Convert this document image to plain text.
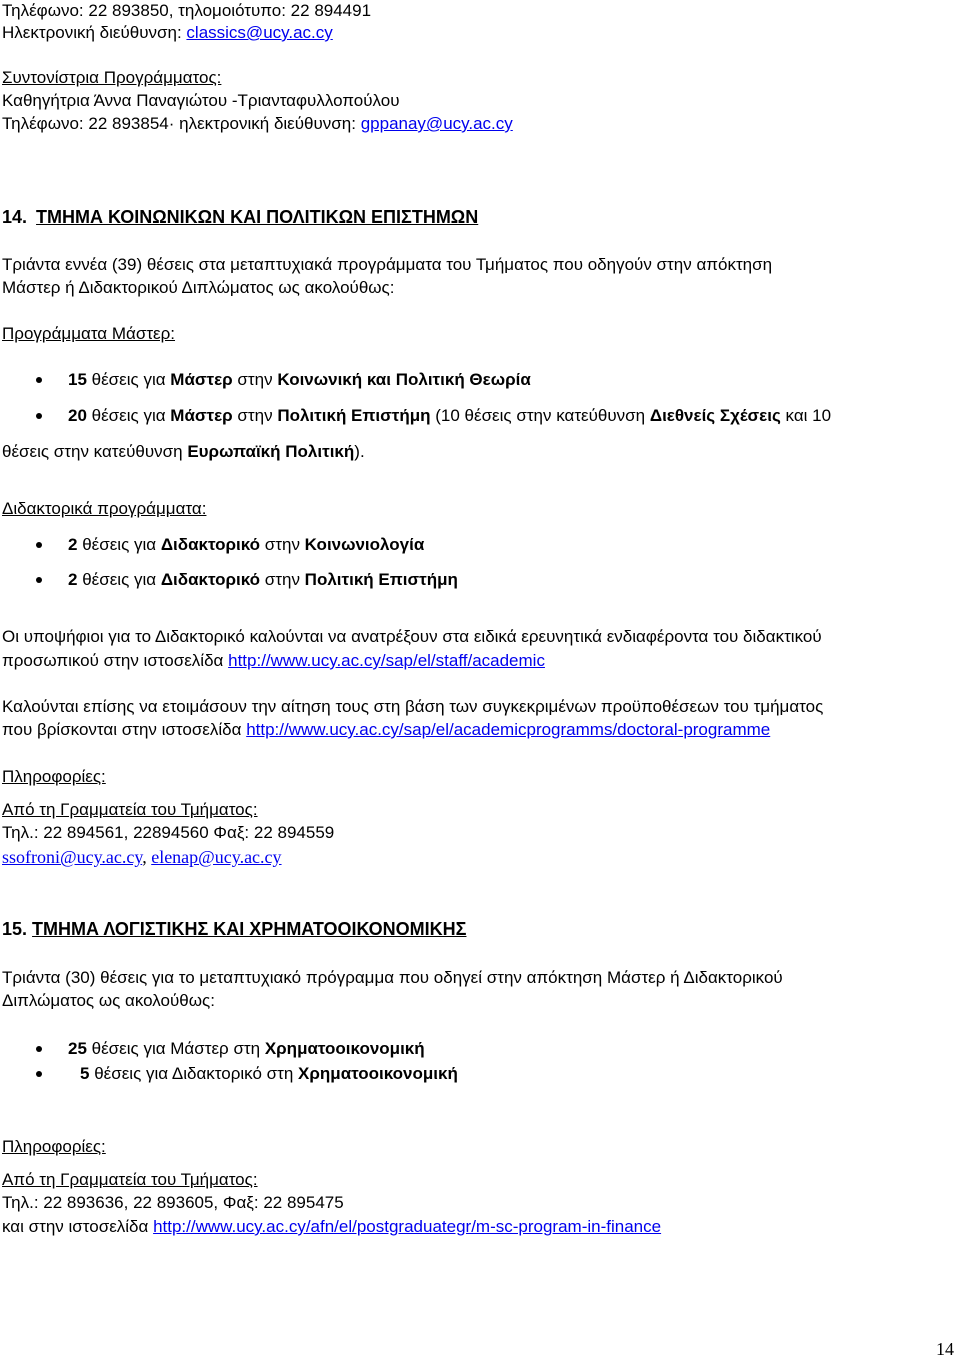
Τηλέφωνο: 22 893850, τηλομοιότυπο: 22 894491
Ηλεκτρονική διεύθυνση: classics@ucy.ac.cy
Συντονίστρια Προγράμματος:
Καθηγήτρια Άννα Παναγιώτου -Τριανταφυλλοπούλου
Τηλέφωνο: 22 893854· ηλεκτρονική διεύθυνση: gppanay@ucy.ac.cy
14. ΤΜΗΜΑ ΚΟΙΝΩΝΙΚΩΝ ΚΑΙ ΠΟΛΙΤΙΚΩΝ ΕΠΙΣΤΗΜΩΝ
Τριάντα εννέα (39) θέσεις στα μεταπτυχιακά προγράμματα του Τμήματος που οδηγούν στην απόκτηση
Μάστερ ή Διδακτορικού Διπλώματος ως ακολούθως:
Προγράμματα Μάστερ:
15 θέσεις για Μάστερ στην Κοινωνική και Πολιτική Θεωρία
20 θέσεις για Μάστερ στην Πολιτική Επιστήμη (10 θέσεις στην κατεύθυνση Διεθνείς Σχέσεις και 10
θέσεις στην κατεύθυνση Ευρωπαϊκή Πολιτική).
Διδακτορικά προγράμματα:
2 θέσεις για Διδακτορικό στην Κοινωνιολογία
2 θέσεις για Διδακτορικό στην Πολιτική Επιστήμη
Οι υποψήφιοι για το Διδακτορικό καλούνται να ανατρέξουν στα ειδικά ερευνητικά ενδιαφέροντα του διδακτικού
προσωπικού στην ιστοσελίδα http://www.ucy.ac.cy/sap/el/staff/academic
Καλούνται επίσης να ετοιμάσουν την αίτηση τους στη βάση των συγκεκριμένων προϋποθέσεων του τμήματος
που βρίσκονται στην ιστοσελίδα http://www.ucy.ac.cy/sap/el/academicprogramms/doctoral-programme
Πληροφορίες:
Από τη Γραμματεία του Τμήματος:
Τηλ.: 22 894561, 22894560 Φαξ: 22 894559
ssofroni@ucy.ac.cy, elenap@ucy.ac.cy
15. ΤΜΗΜΑ ΛΟΓΙΣΤΙΚΗΣ ΚΑΙ ΧΡΗΜΑΤΟΟΙΚΟΝΟΜΙΚΗΣ
Τριάντα (30) θέσεις για το μεταπτυχιακό πρόγραμμα που οδηγεί στην απόκτηση Μάστερ ή Διδακτορικού
Διπλώματος ως ακολούθως:
25 θέσεις για Μάστερ στη Χρηματοοικονομική
5 θέσεις για Διδακτορικό στη Χρηματοοικονομική
Πληροφορίες:
Από τη Γραμματεία του Τμήματος:
Τηλ.: 22 893636, 22 893605, Φαξ: 22 895475
και στην ιστοσελίδα http://www.ucy.ac.cy/afn/el/postgraduategr/m-sc-program-in-finance
14
